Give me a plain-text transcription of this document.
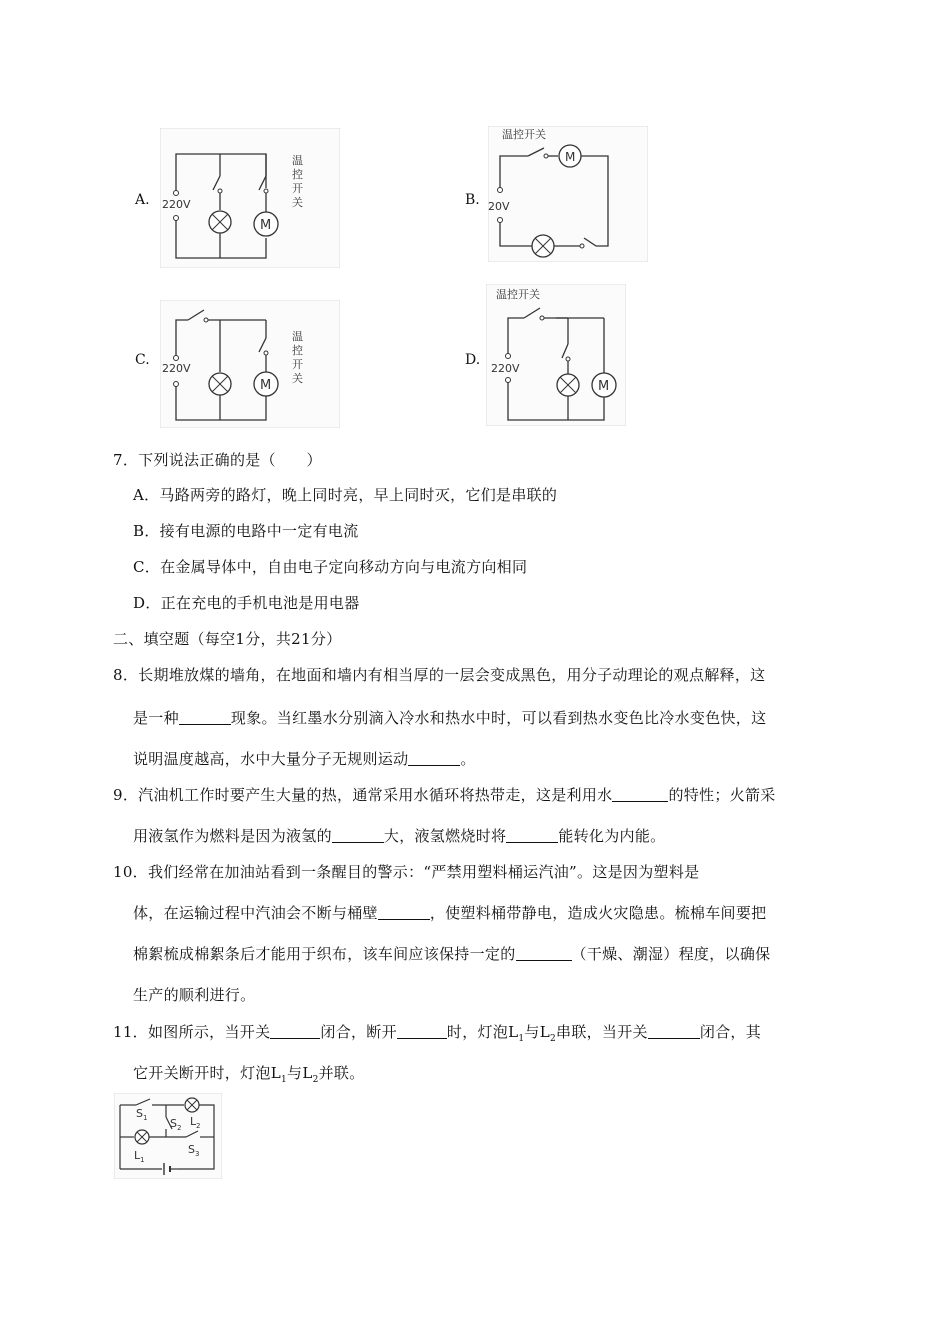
A.
M
220V
温
控
开
关	B.
温控开关
M
20V
C.
M
220V
温
控
开
关
D.
温控开关
M
220V
7．下列说法正确的是（　　）
A．马路两旁的路灯，晚上同时亮，早上同时灭，它们是串联的
B．接有电源的电路中一定有电流
C．在金属导体中，自由电子定向移动方向与电流方向相同
D．正在充电的手机电池是用电器
二、填空题（每空1分，共21分）
8．长期堆放煤的墙角，在地面和墙内有相当厚的一层会变成黑色，用分子动理论的观点解释，这
是一种	现象。当红墨水分别滴入冷水和热水中时，可以看到热水变色比冷水变色快，这
说明温度越高，水中大量分子无规则运动	。
9．汽油机工作时要产生大量的热，通常采用水循环将热带走，这是利用水	的特性；火箭采
用液氢作为燃料是因为液氢的	大，液氢燃烧时将	能转化为内能。
10．我们经常在加油站看到一条醒目的警示：“严禁用塑料桶运汽油”。这是因为塑料是
体，在运输过程中汽油会不断与桶壁	，使塑料桶带静电，造成火灾隐患。梳棉车间要把
棉絮梳成棉絮条后才能用于织布，该车间应该保持一定的	（干燥、潮湿）程度，以确保
生产的顺利进行。
11．如图所示，当开关	闭合，断开	时，灯泡$L_1$与$L_2$串联，当开关	闭合，其
它开关断开时，灯泡$L_1$与$L_2$并联。
S 1 S 2 L 2
L 1
S 3
